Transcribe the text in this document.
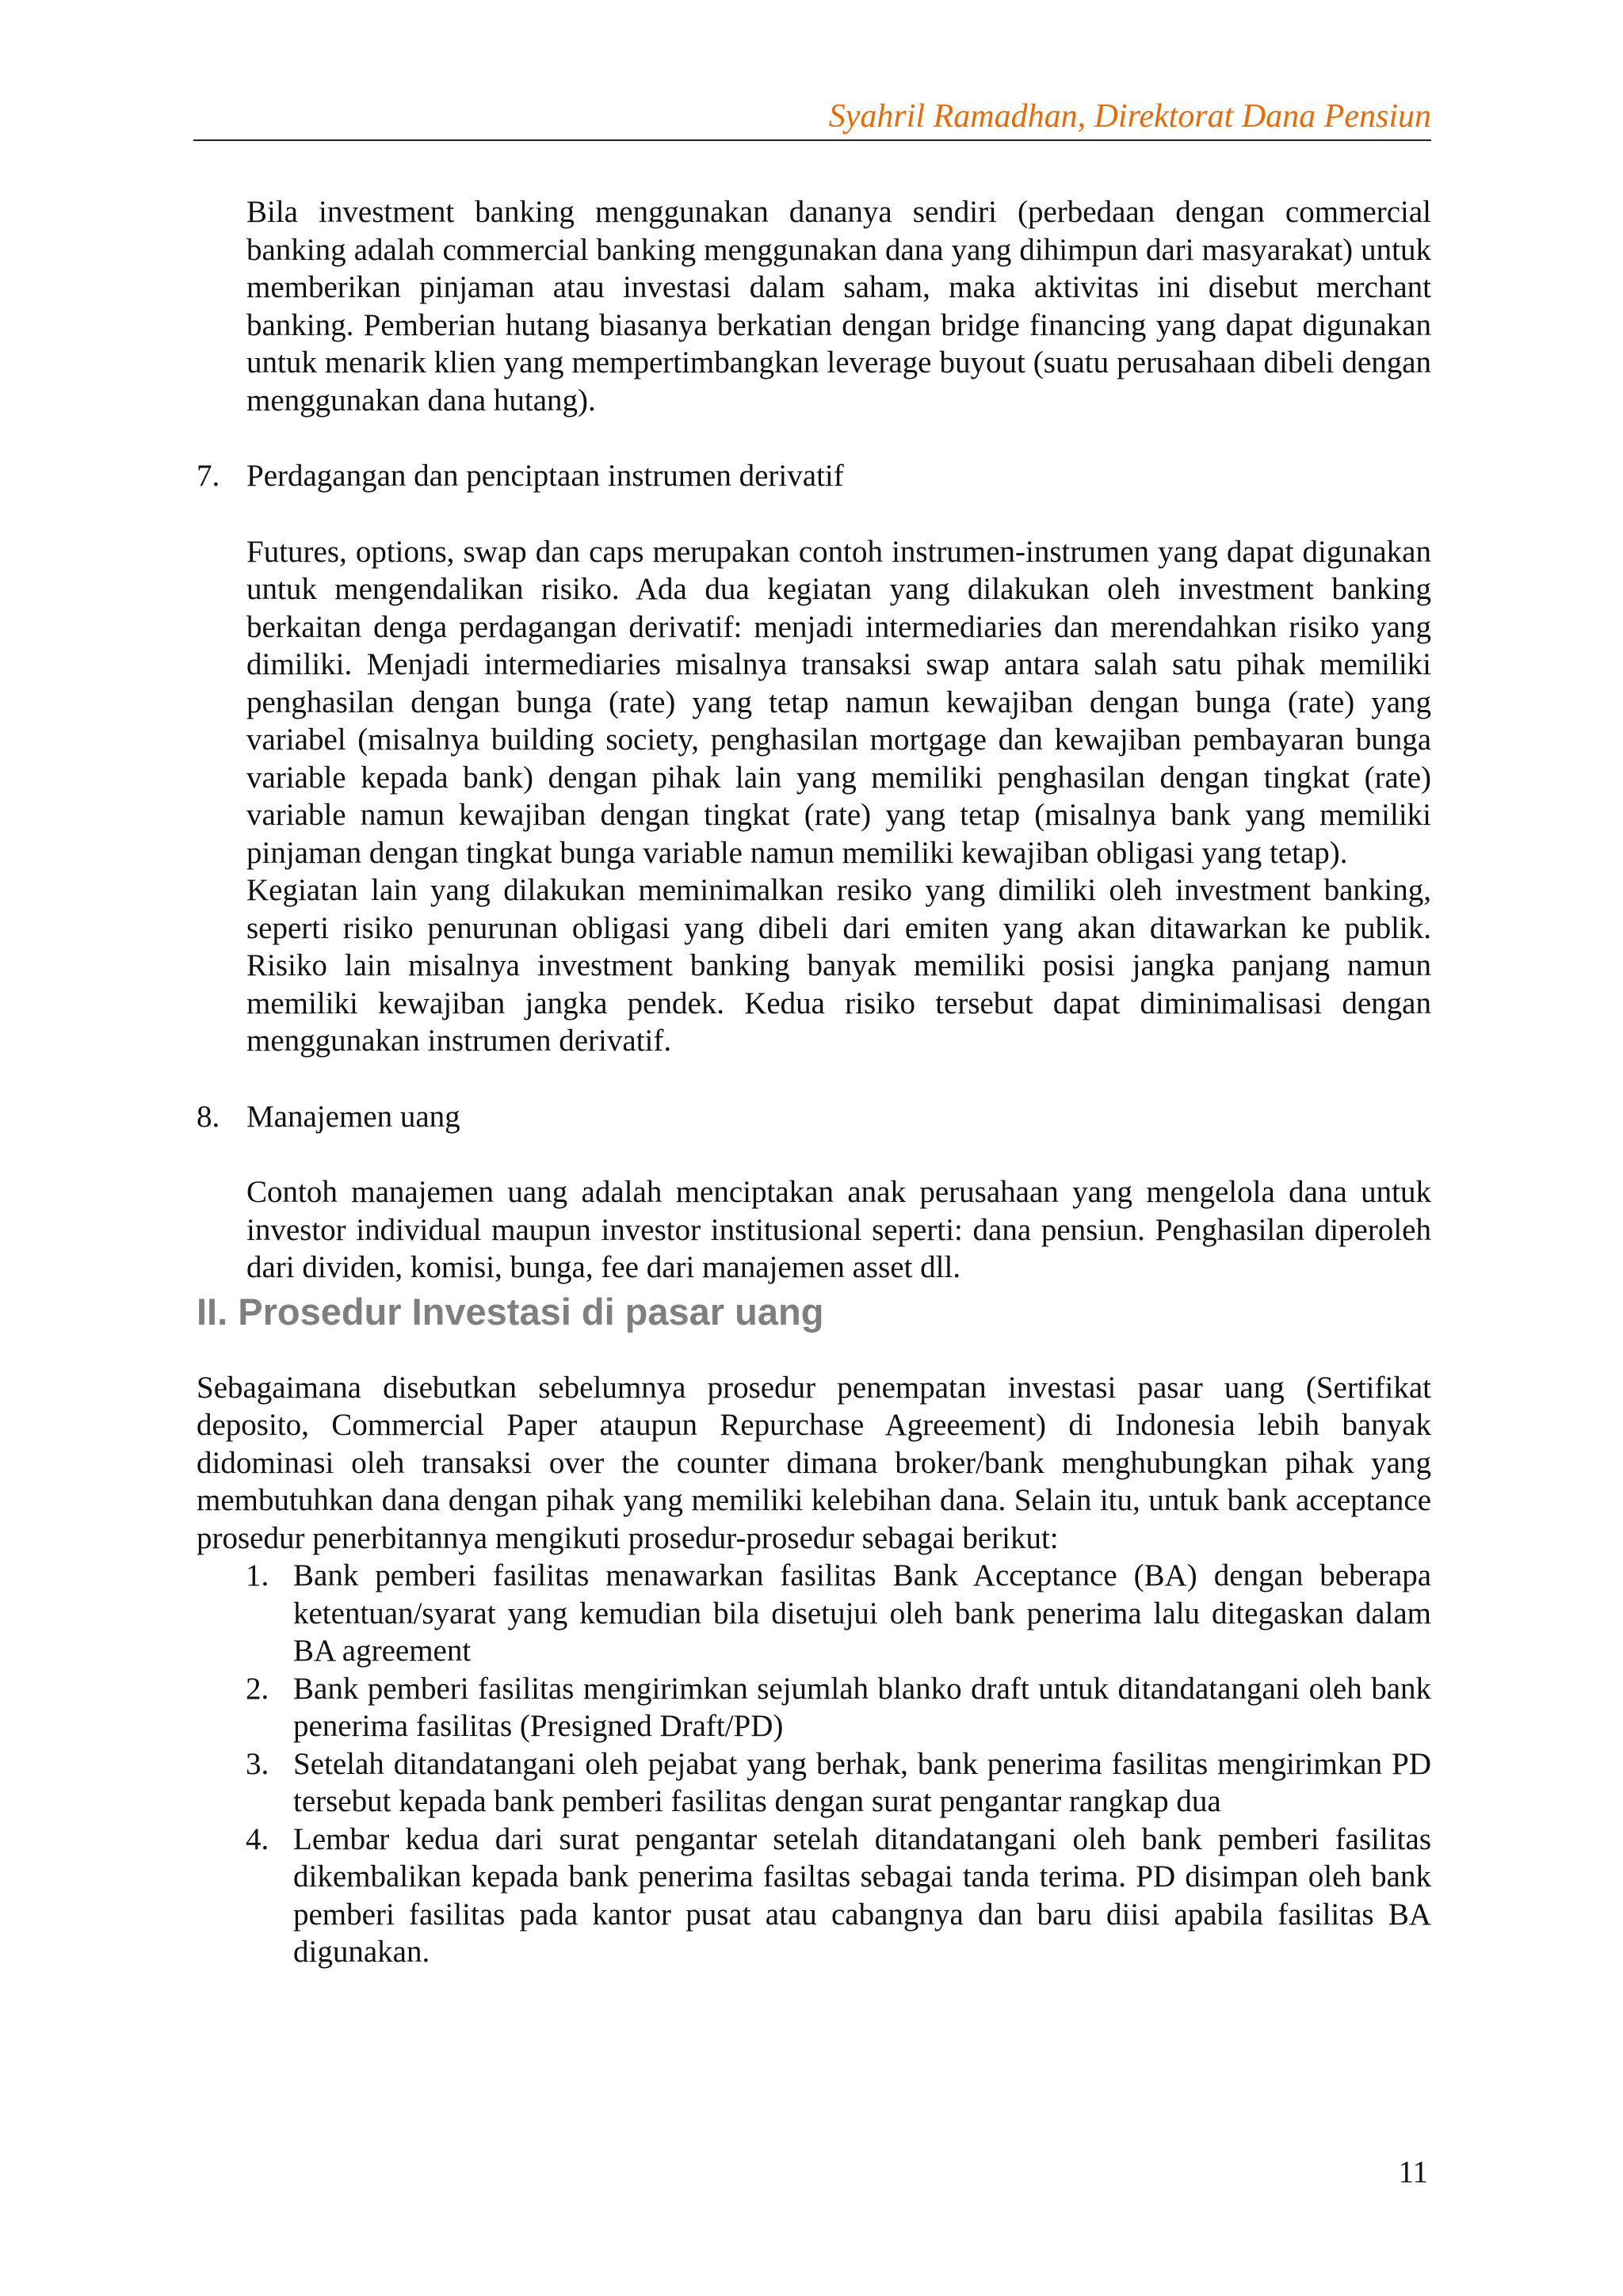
Syahril Ramadhan, Direktorat Dana Pensiun

Bila investment banking menggunakan dananya sendiri (perbedaan dengan commercial banking adalah commercial banking menggunakan dana yang dihimpun dari masyarakat) untuk memberikan pinjaman atau investasi dalam saham, maka aktivitas ini disebut merchant banking. Pemberian hutang biasanya berkatian dengan bridge financing yang dapat digunakan untuk menarik klien yang mempertimbangkan leverage buyout (suatu perusahaan dibeli dengan menggunakan dana hutang).

7. Perdagangan dan penciptaan instrumen derivatif

Futures, options, swap dan caps merupakan contoh instrumen-instrumen yang dapat digunakan untuk mengendalikan risiko. Ada dua kegiatan yang dilakukan oleh investment banking berkaitan denga perdagangan derivatif: menjadi intermediaries dan merendahkan risiko yang dimiliki. Menjadi intermediaries misalnya transaksi swap antara salah satu pihak memiliki penghasilan dengan bunga (rate) yang tetap namun kewajiban dengan bunga (rate) yang variabel (misalnya building society, penghasilan mortgage dan kewajiban pembayaran bunga variable kepada bank) dengan pihak lain yang memiliki penghasilan dengan tingkat (rate) variable namun kewajiban dengan tingkat (rate) yang tetap (misalnya bank yang memiliki pinjaman dengan tingkat bunga variable namun memiliki kewajiban obligasi yang tetap).

Kegiatan lain yang dilakukan meminimalkan resiko yang dimiliki oleh investment banking, seperti risiko penurunan obligasi yang dibeli dari emiten yang akan ditawarkan ke publik. Risiko lain misalnya investment banking banyak memiliki posisi jangka panjang namun memiliki kewajiban jangka pendek. Kedua risiko tersebut dapat diminimalisasi dengan menggunakan instrumen derivatif.

8. Manajemen uang

Contoh manajemen uang adalah menciptakan anak perusahaan yang mengelola dana untuk investor individual maupun investor institusional seperti: dana pensiun. Penghasilan diperoleh dari dividen, komisi, bunga, fee dari manajemen asset dll.

II. Prosedur Investasi di pasar uang

Sebagaimana disebutkan sebelumnya prosedur penempatan investasi pasar uang (Sertifikat deposito, Commercial Paper ataupun Repurchase Agreeement) di Indonesia lebih banyak didominasi oleh transaksi over the counter dimana broker/bank menghubungkan pihak yang membutuhkan dana dengan pihak yang memiliki kelebihan dana. Selain itu, untuk bank acceptance prosedur penerbitannya mengikuti prosedur-prosedur sebagai berikut:

1. Bank pemberi fasilitas menawarkan fasilitas Bank Acceptance (BA) dengan beberapa ketentuan/syarat yang kemudian bila disetujui oleh bank penerima lalu ditegaskan dalam BA agreement
2. Bank pemberi fasilitas mengirimkan sejumlah blanko draft untuk ditandatangani oleh bank penerima fasilitas (Presigned Draft/PD)
3. Setelah ditandatangani oleh pejabat yang berhak, bank penerima fasilitas mengirimkan PD tersebut kepada bank pemberi fasilitas dengan surat pengantar rangkap dua
4. Lembar kedua dari surat pengantar setelah ditandatangani oleh bank pemberi fasilitas dikembalikan kepada bank penerima fasiltas sebagai tanda terima. PD disimpan oleh bank pemberi fasilitas pada kantor pusat atau cabangnya dan baru diisi apabila fasilitas BA digunakan.
11
